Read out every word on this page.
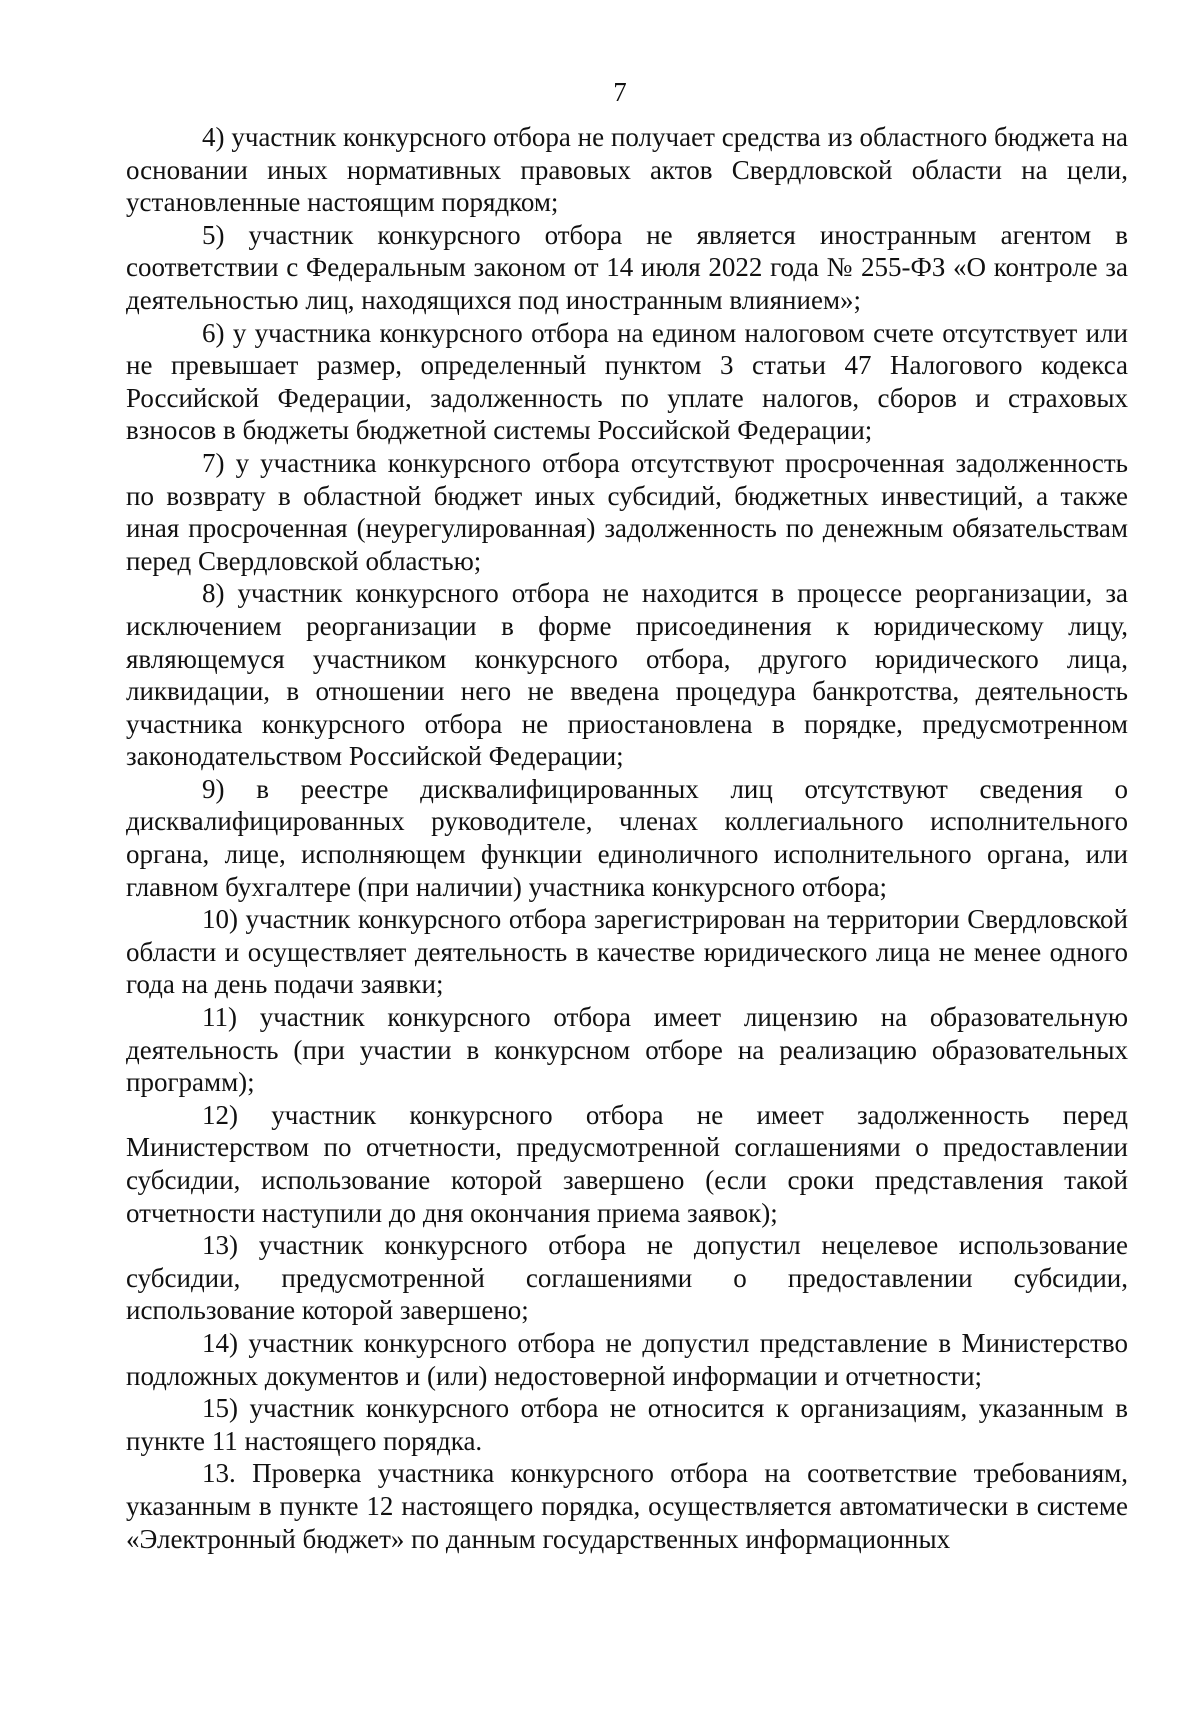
7

4) участник конкурсного отбора не получает средства из областного бюджета на основании иных нормативных правовых актов Свердловской области на цели, установленные настоящим порядком;

5) участник конкурсного отбора не является иностранным агентом в соответствии с Федеральным законом от 14 июля 2022 года № 255-ФЗ «О контроле за деятельностью лиц, находящихся под иностранным влиянием»;

6) у участника конкурсного отбора на едином налоговом счете отсутствует или не превышает размер, определенный пунктом 3 статьи 47 Налогового кодекса Российской Федерации, задолженность по уплате налогов, сборов и страховых взносов в бюджеты бюджетной системы Российской Федерации;

7) у участника конкурсного отбора отсутствуют просроченная задолженность по возврату в областной бюджет иных субсидий, бюджетных инвестиций, а также иная просроченная (неурегулированная) задолженность по денежным обязательствам перед Свердловской областью;

8) участник конкурсного отбора не находится в процессе реорганизации, за исключением реорганизации в форме присоединения к юридическому лицу, являющемуся участником конкурсного отбора, другого юридического лица, ликвидации, в отношении него не введена процедура банкротства, деятельность участника конкурсного отбора не приостановлена в порядке, предусмотренном законодательством Российской Федерации;

9) в реестре дисквалифицированных лиц отсутствуют сведения о дисквалифицированных руководителе, членах коллегиального исполнительного органа, лице, исполняющем функции единоличного исполнительного органа, или главном бухгалтере (при наличии) участника конкурсного отбора;

10) участник конкурсного отбора зарегистрирован на территории Свердловской области и осуществляет деятельность в качестве юридического лица не менее одного года на день подачи заявки;

11) участник конкурсного отбора имеет лицензию на образовательную деятельность (при участии в конкурсном отборе на реализацию образовательных программ);

12) участник конкурсного отбора не имеет задолженность перед Министерством по отчетности, предусмотренной соглашениями о предоставлении субсидии, использование которой завершено (если сроки представления такой отчетности наступили до дня окончания приема заявок);

13) участник конкурсного отбора не допустил нецелевое использование субсидии, предусмотренной соглашениями о предоставлении субсидии, использование которой завершено;

14) участник конкурсного отбора не допустил представление в Министерство подложных документов и (или) недостоверной информации и отчетности;

15) участник конкурсного отбора не относится к организациям, указанным в пункте 11 настоящего порядка.

13. Проверка участника конкурсного отбора на соответствие требованиям, указанным в пункте 12 настоящего порядка, осуществляется автоматически в системе «Электронный бюджет» по данным государственных информационных
